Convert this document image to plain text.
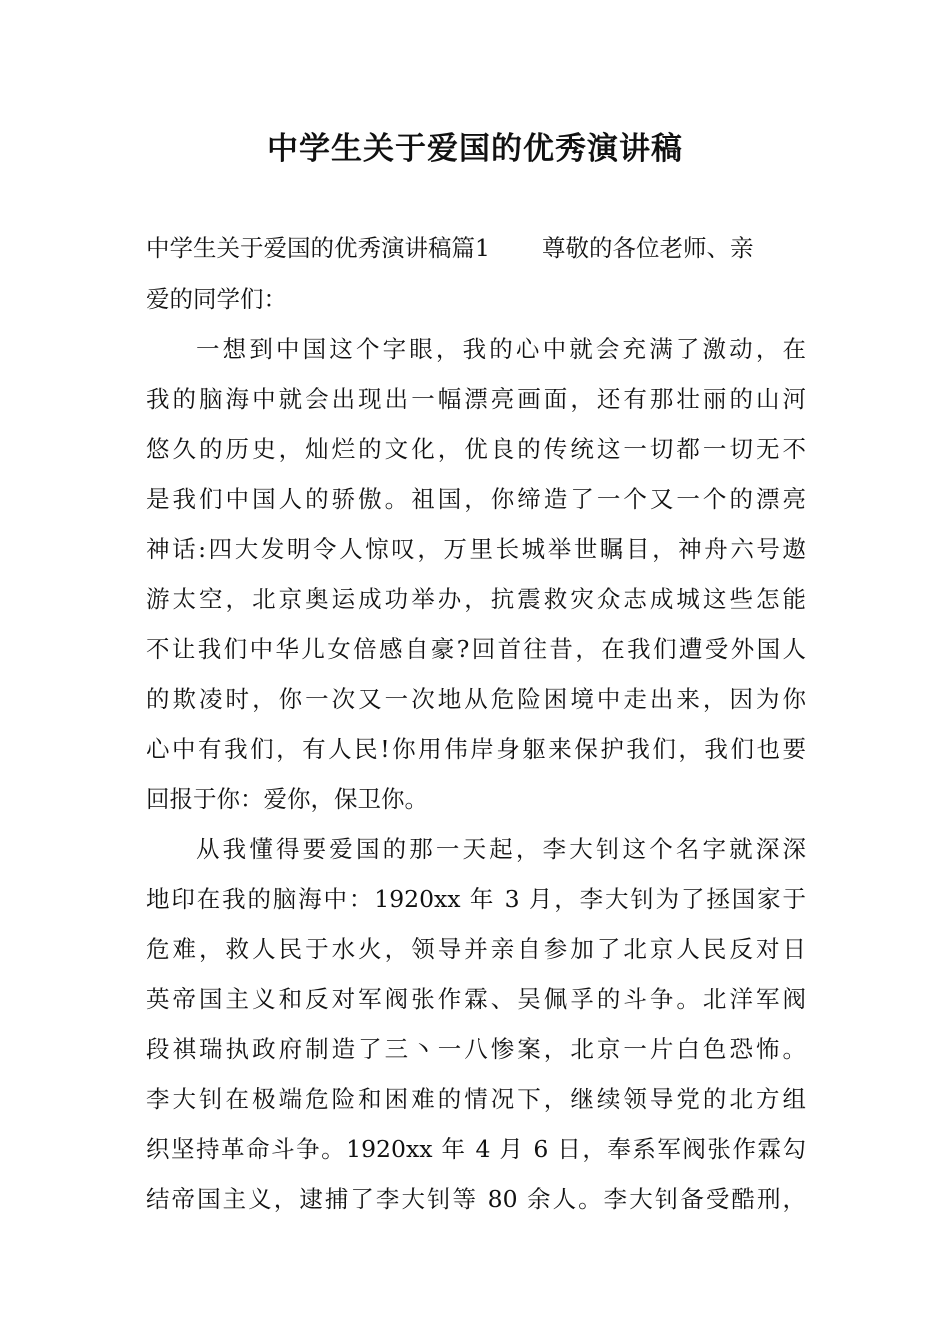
中学生关于爱国的优秀演讲稿
中学生关于爱国的优秀演讲稿篇1 尊敬的各位老师、亲
爱的同学们：
一想到中国这个字眼，我的心中就会充满了激动，在
我的脑海中就会出现出一幅漂亮画面，还有那壮丽的山河
悠久的历史，灿烂的文化，优良的传统这一切都一切无不
是我们中国人的骄傲。祖国，你缔造了一个又一个的漂亮
神话:四大发明令人惊叹，万里长城举世瞩目，神舟六号遨
游太空，北京奥运成功举办，抗震救灾众志成城这些怎能
不让我们中华儿女倍感自豪?回首往昔，在我们遭受外国人
的欺凌时，你一次又一次地从危险困境中走出来，因为你
心中有我们，有人民!你用伟岸身躯来保护我们，我们也要
回报于你：爱你，保卫你。
从我懂得要爱国的那一天起，李大钊这个名字就深深
地印在我的脑海中：1920xx 年 3 月，李大钊为了拯国家于
危难，救人民于水火，领导并亲自参加了北京人民反对日
英帝国主义和反对军阀张作霖、吴佩孚的斗争。北洋军阀
段祺瑞执政府制造了三丶一八惨案，北京一片白色恐怖。
李大钊在极端危险和困难的情况下，继续领导党的北方组
织坚持革命斗争。1920xx 年 4 月 6 日，奉系军阀张作霖勾
结帝国主义，逮捕了李大钊等 80 余人。李大钊备受酷刑，
